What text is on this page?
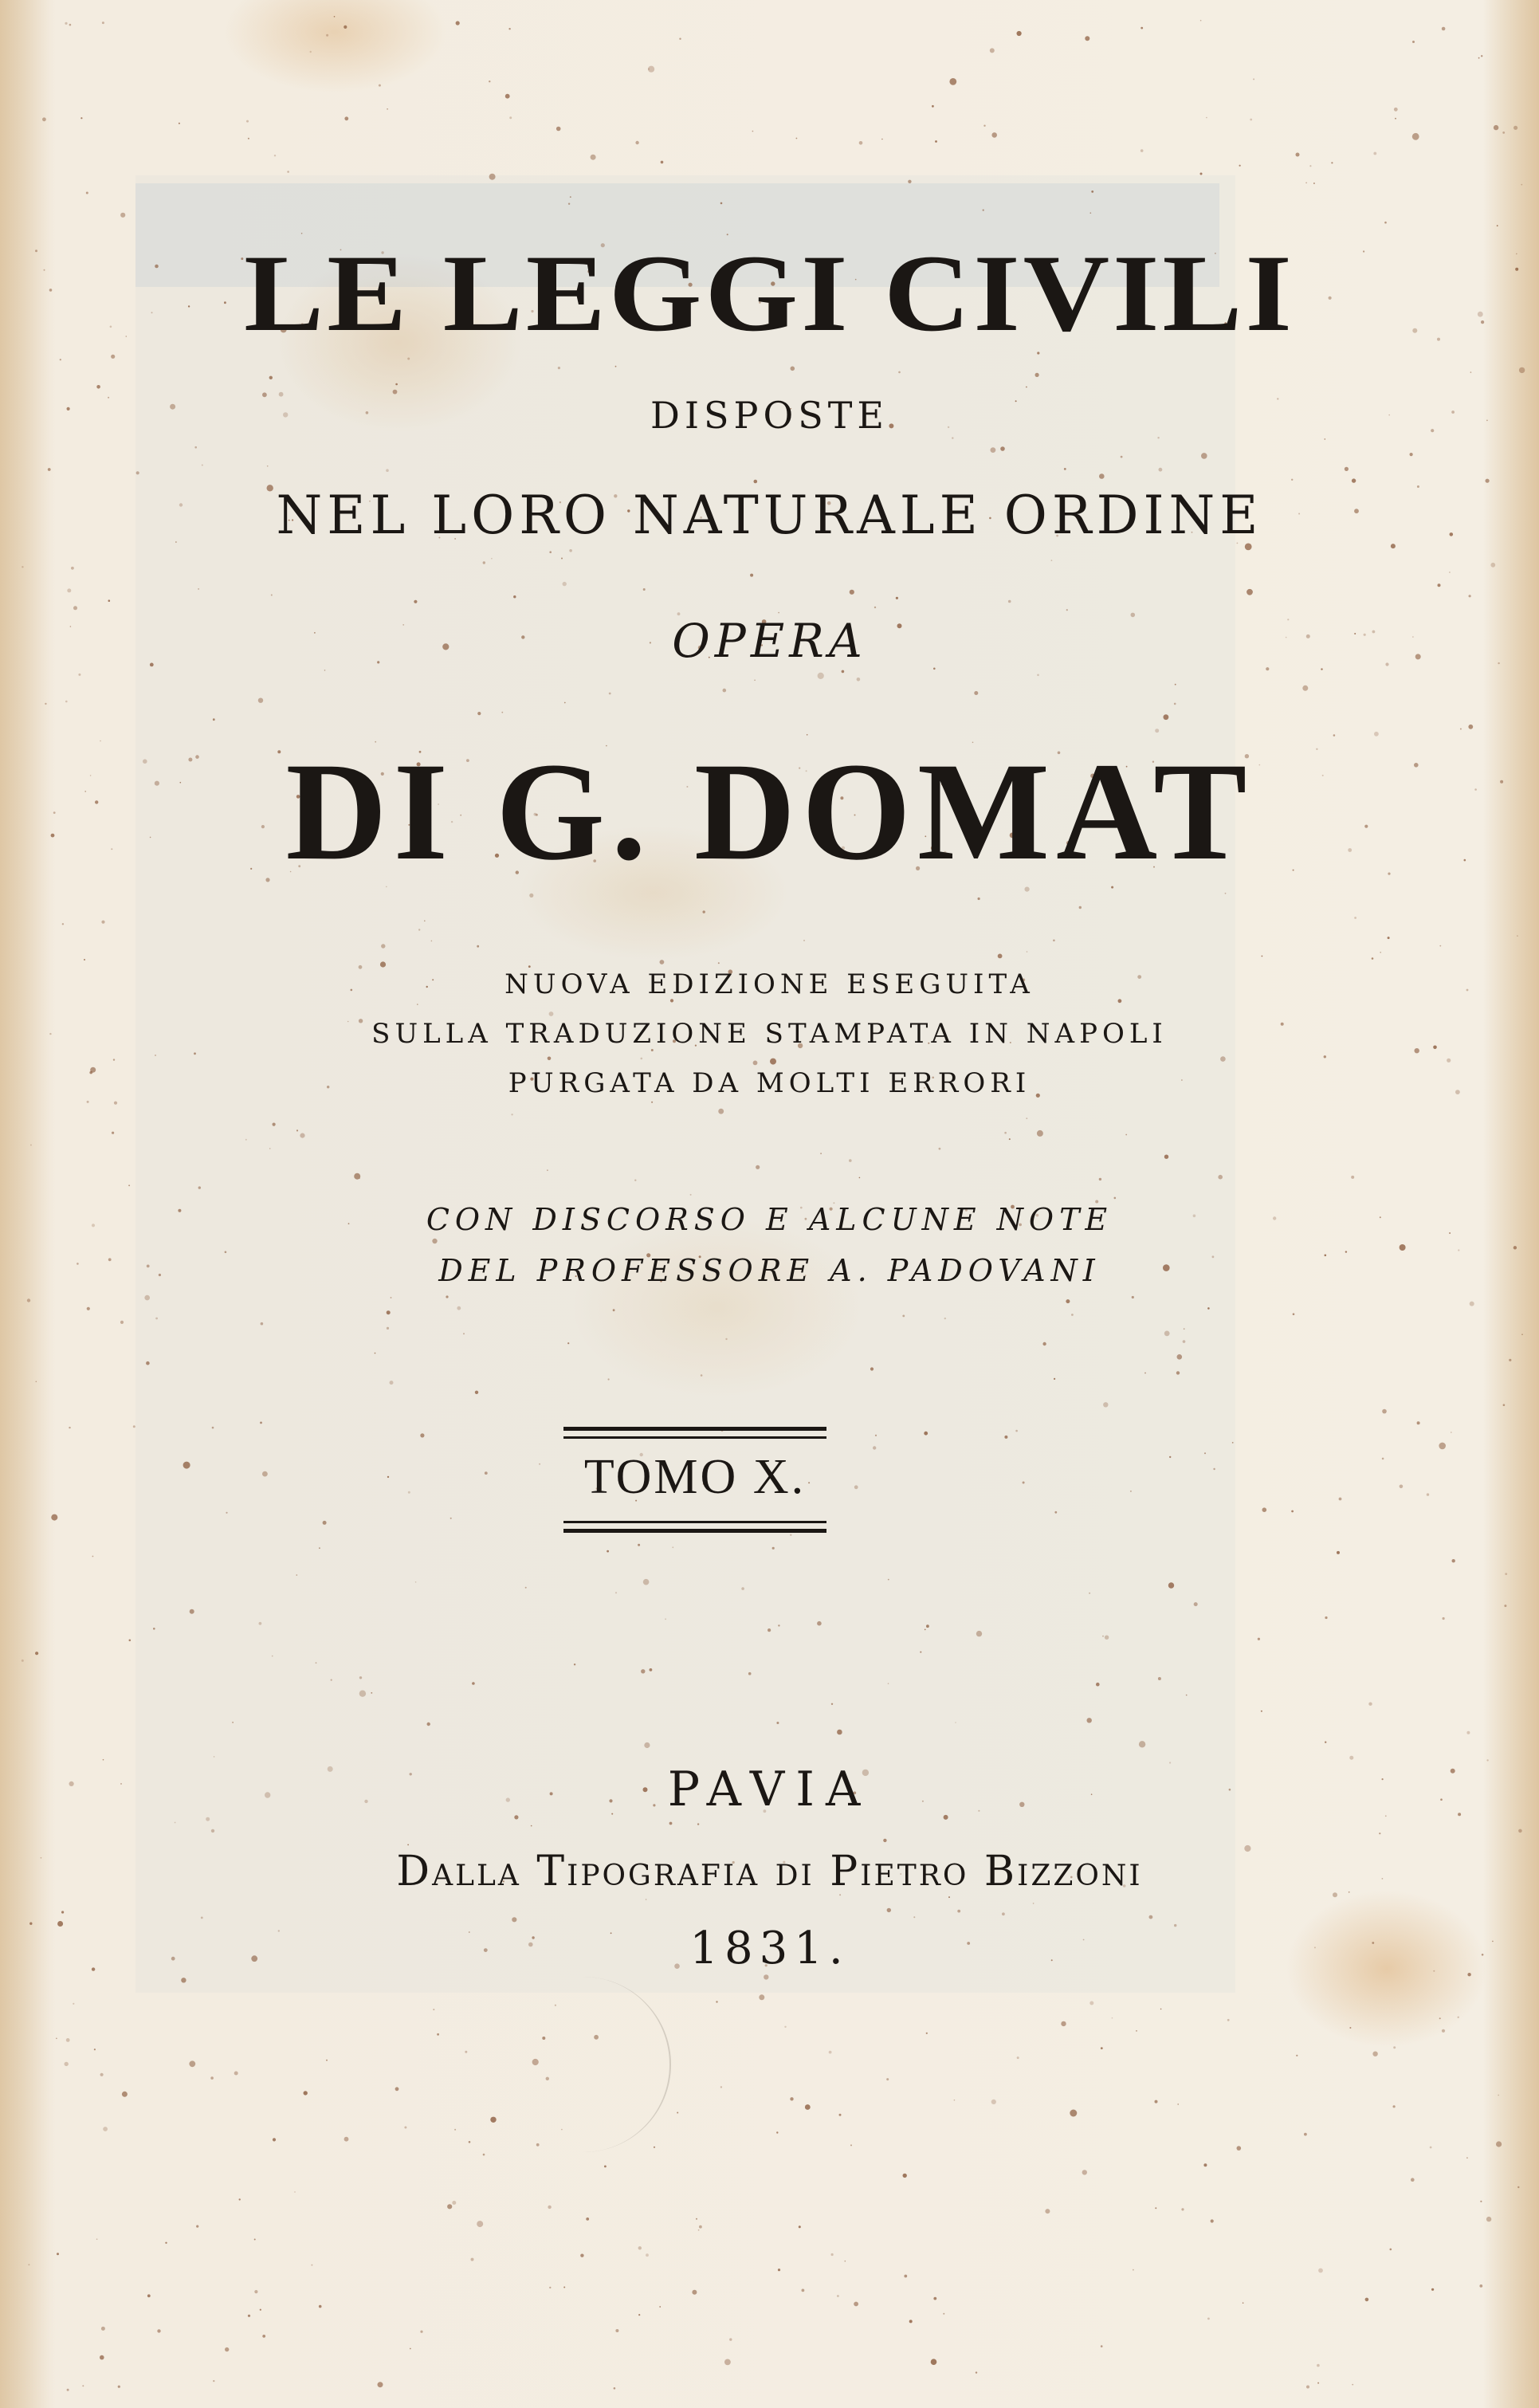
LE LEGGI CIVILI
DISPOSTE
NEL LORO NATURALE ORDINE
OPERA
DI G. DOMAT
NUOVA EDIZIONE ESEGUITA
SULLA TRADUZIONE STAMPATA IN NAPOLI
PURGATA DA MOLTI ERRORI
CON DISCORSO E ALCUNE NOTE
DEL PROFESSORE A. PADOVANI
TOMO X.
PAVIA
Dalla Tipografia di Pietro Bizzoni
1831.
